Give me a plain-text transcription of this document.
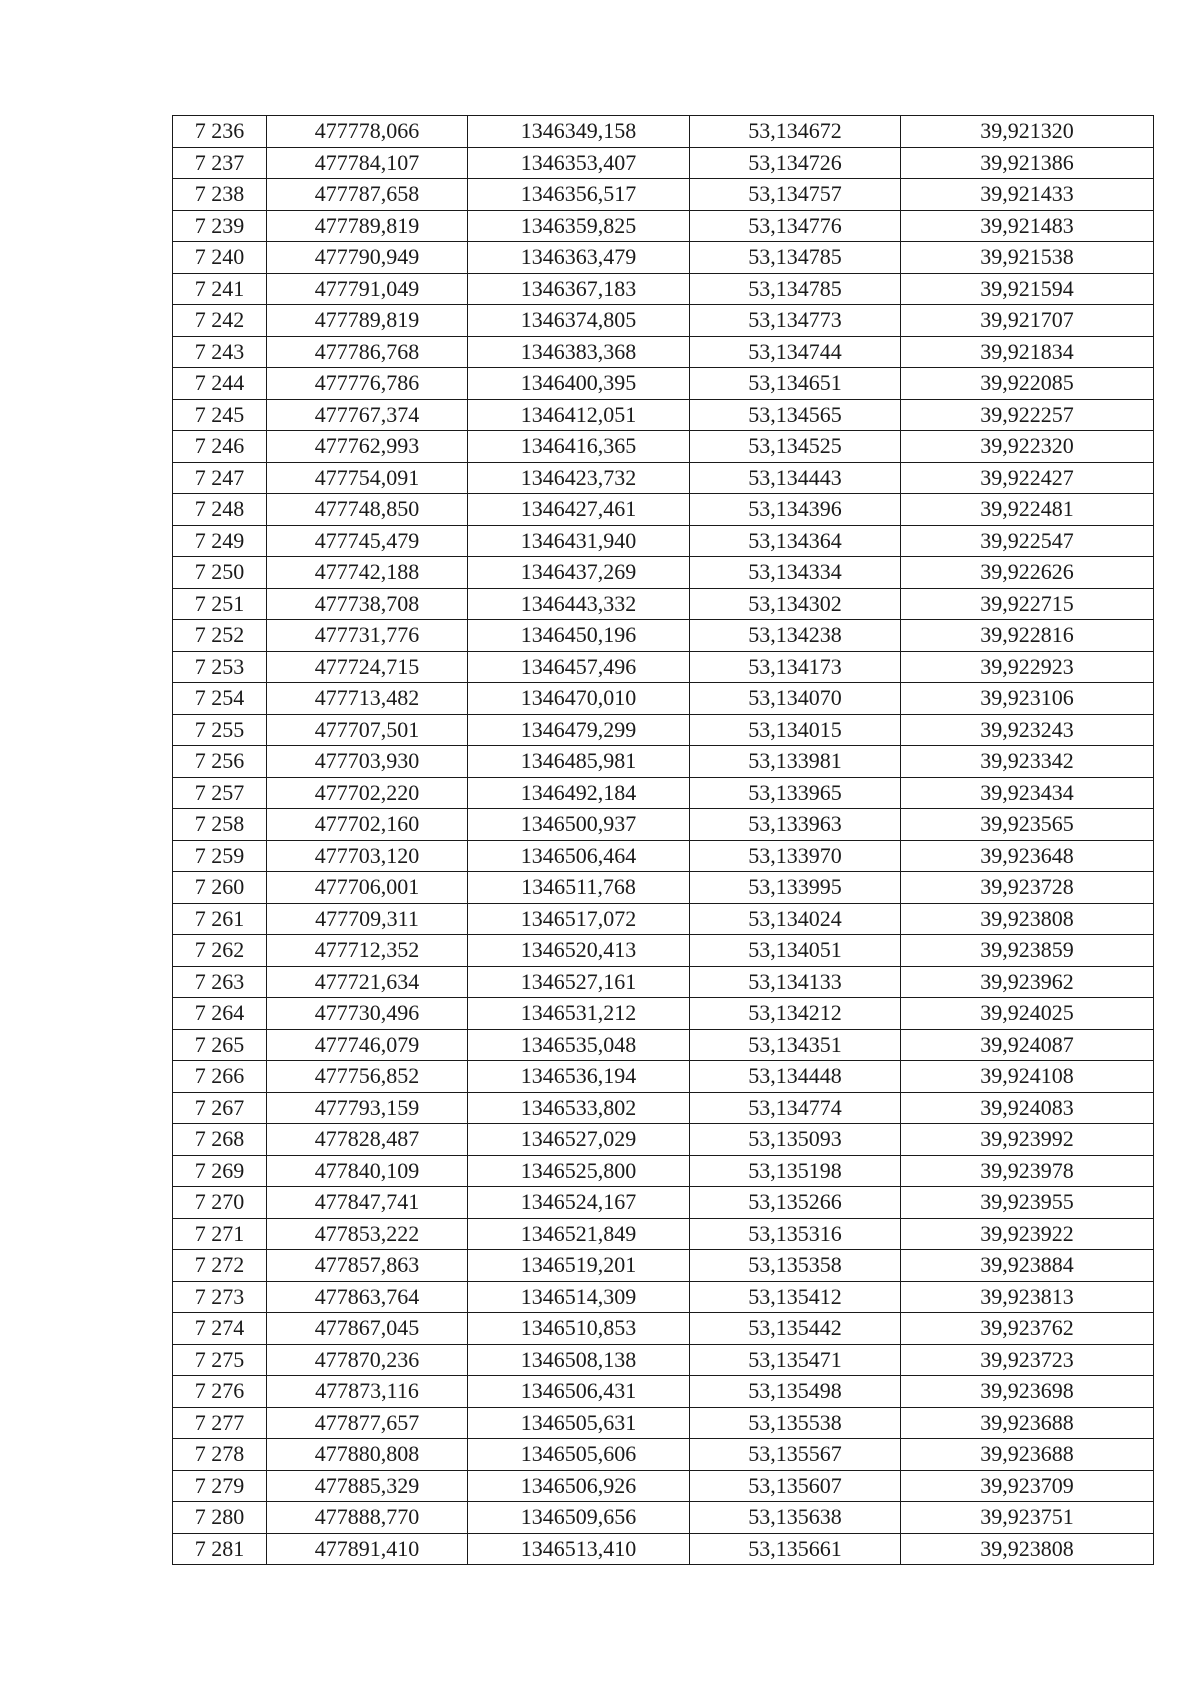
7 236	477778,066	1346349,158	53,134672	39,921320
7 237	477784,107	1346353,407	53,134726	39,921386
7 238	477787,658	1346356,517	53,134757	39,921433
7 239	477789,819	1346359,825	53,134776	39,921483
7 240	477790,949	1346363,479	53,134785	39,921538
7 241	477791,049	1346367,183	53,134785	39,921594
7 242	477789,819	1346374,805	53,134773	39,921707
7 243	477786,768	1346383,368	53,134744	39,921834
7 244	477776,786	1346400,395	53,134651	39,922085
7 245	477767,374	1346412,051	53,134565	39,922257
7 246	477762,993	1346416,365	53,134525	39,922320
7 247	477754,091	1346423,732	53,134443	39,922427
7 248	477748,850	1346427,461	53,134396	39,922481
7 249	477745,479	1346431,940	53,134364	39,922547
7 250	477742,188	1346437,269	53,134334	39,922626
7 251	477738,708	1346443,332	53,134302	39,922715
7 252	477731,776	1346450,196	53,134238	39,922816
7 253	477724,715	1346457,496	53,134173	39,922923
7 254	477713,482	1346470,010	53,134070	39,923106
7 255	477707,501	1346479,299	53,134015	39,923243
7 256	477703,930	1346485,981	53,133981	39,923342
7 257	477702,220	1346492,184	53,133965	39,923434
7 258	477702,160	1346500,937	53,133963	39,923565
7 259	477703,120	1346506,464	53,133970	39,923648
7 260	477706,001	1346511,768	53,133995	39,923728
7 261	477709,311	1346517,072	53,134024	39,923808
7 262	477712,352	1346520,413	53,134051	39,923859
7 263	477721,634	1346527,161	53,134133	39,923962
7 264	477730,496	1346531,212	53,134212	39,924025
7 265	477746,079	1346535,048	53,134351	39,924087
7 266	477756,852	1346536,194	53,134448	39,924108
7 267	477793,159	1346533,802	53,134774	39,924083
7 268	477828,487	1346527,029	53,135093	39,923992
7 269	477840,109	1346525,800	53,135198	39,923978
7 270	477847,741	1346524,167	53,135266	39,923955
7 271	477853,222	1346521,849	53,135316	39,923922
7 272	477857,863	1346519,201	53,135358	39,923884
7 273	477863,764	1346514,309	53,135412	39,923813
7 274	477867,045	1346510,853	53,135442	39,923762
7 275	477870,236	1346508,138	53,135471	39,923723
7 276	477873,116	1346506,431	53,135498	39,923698
7 277	477877,657	1346505,631	53,135538	39,923688
7 278	477880,808	1346505,606	53,135567	39,923688
7 279	477885,329	1346506,926	53,135607	39,923709
7 280	477888,770	1346509,656	53,135638	39,923751
7 281	477891,410	1346513,410	53,135661	39,923808
